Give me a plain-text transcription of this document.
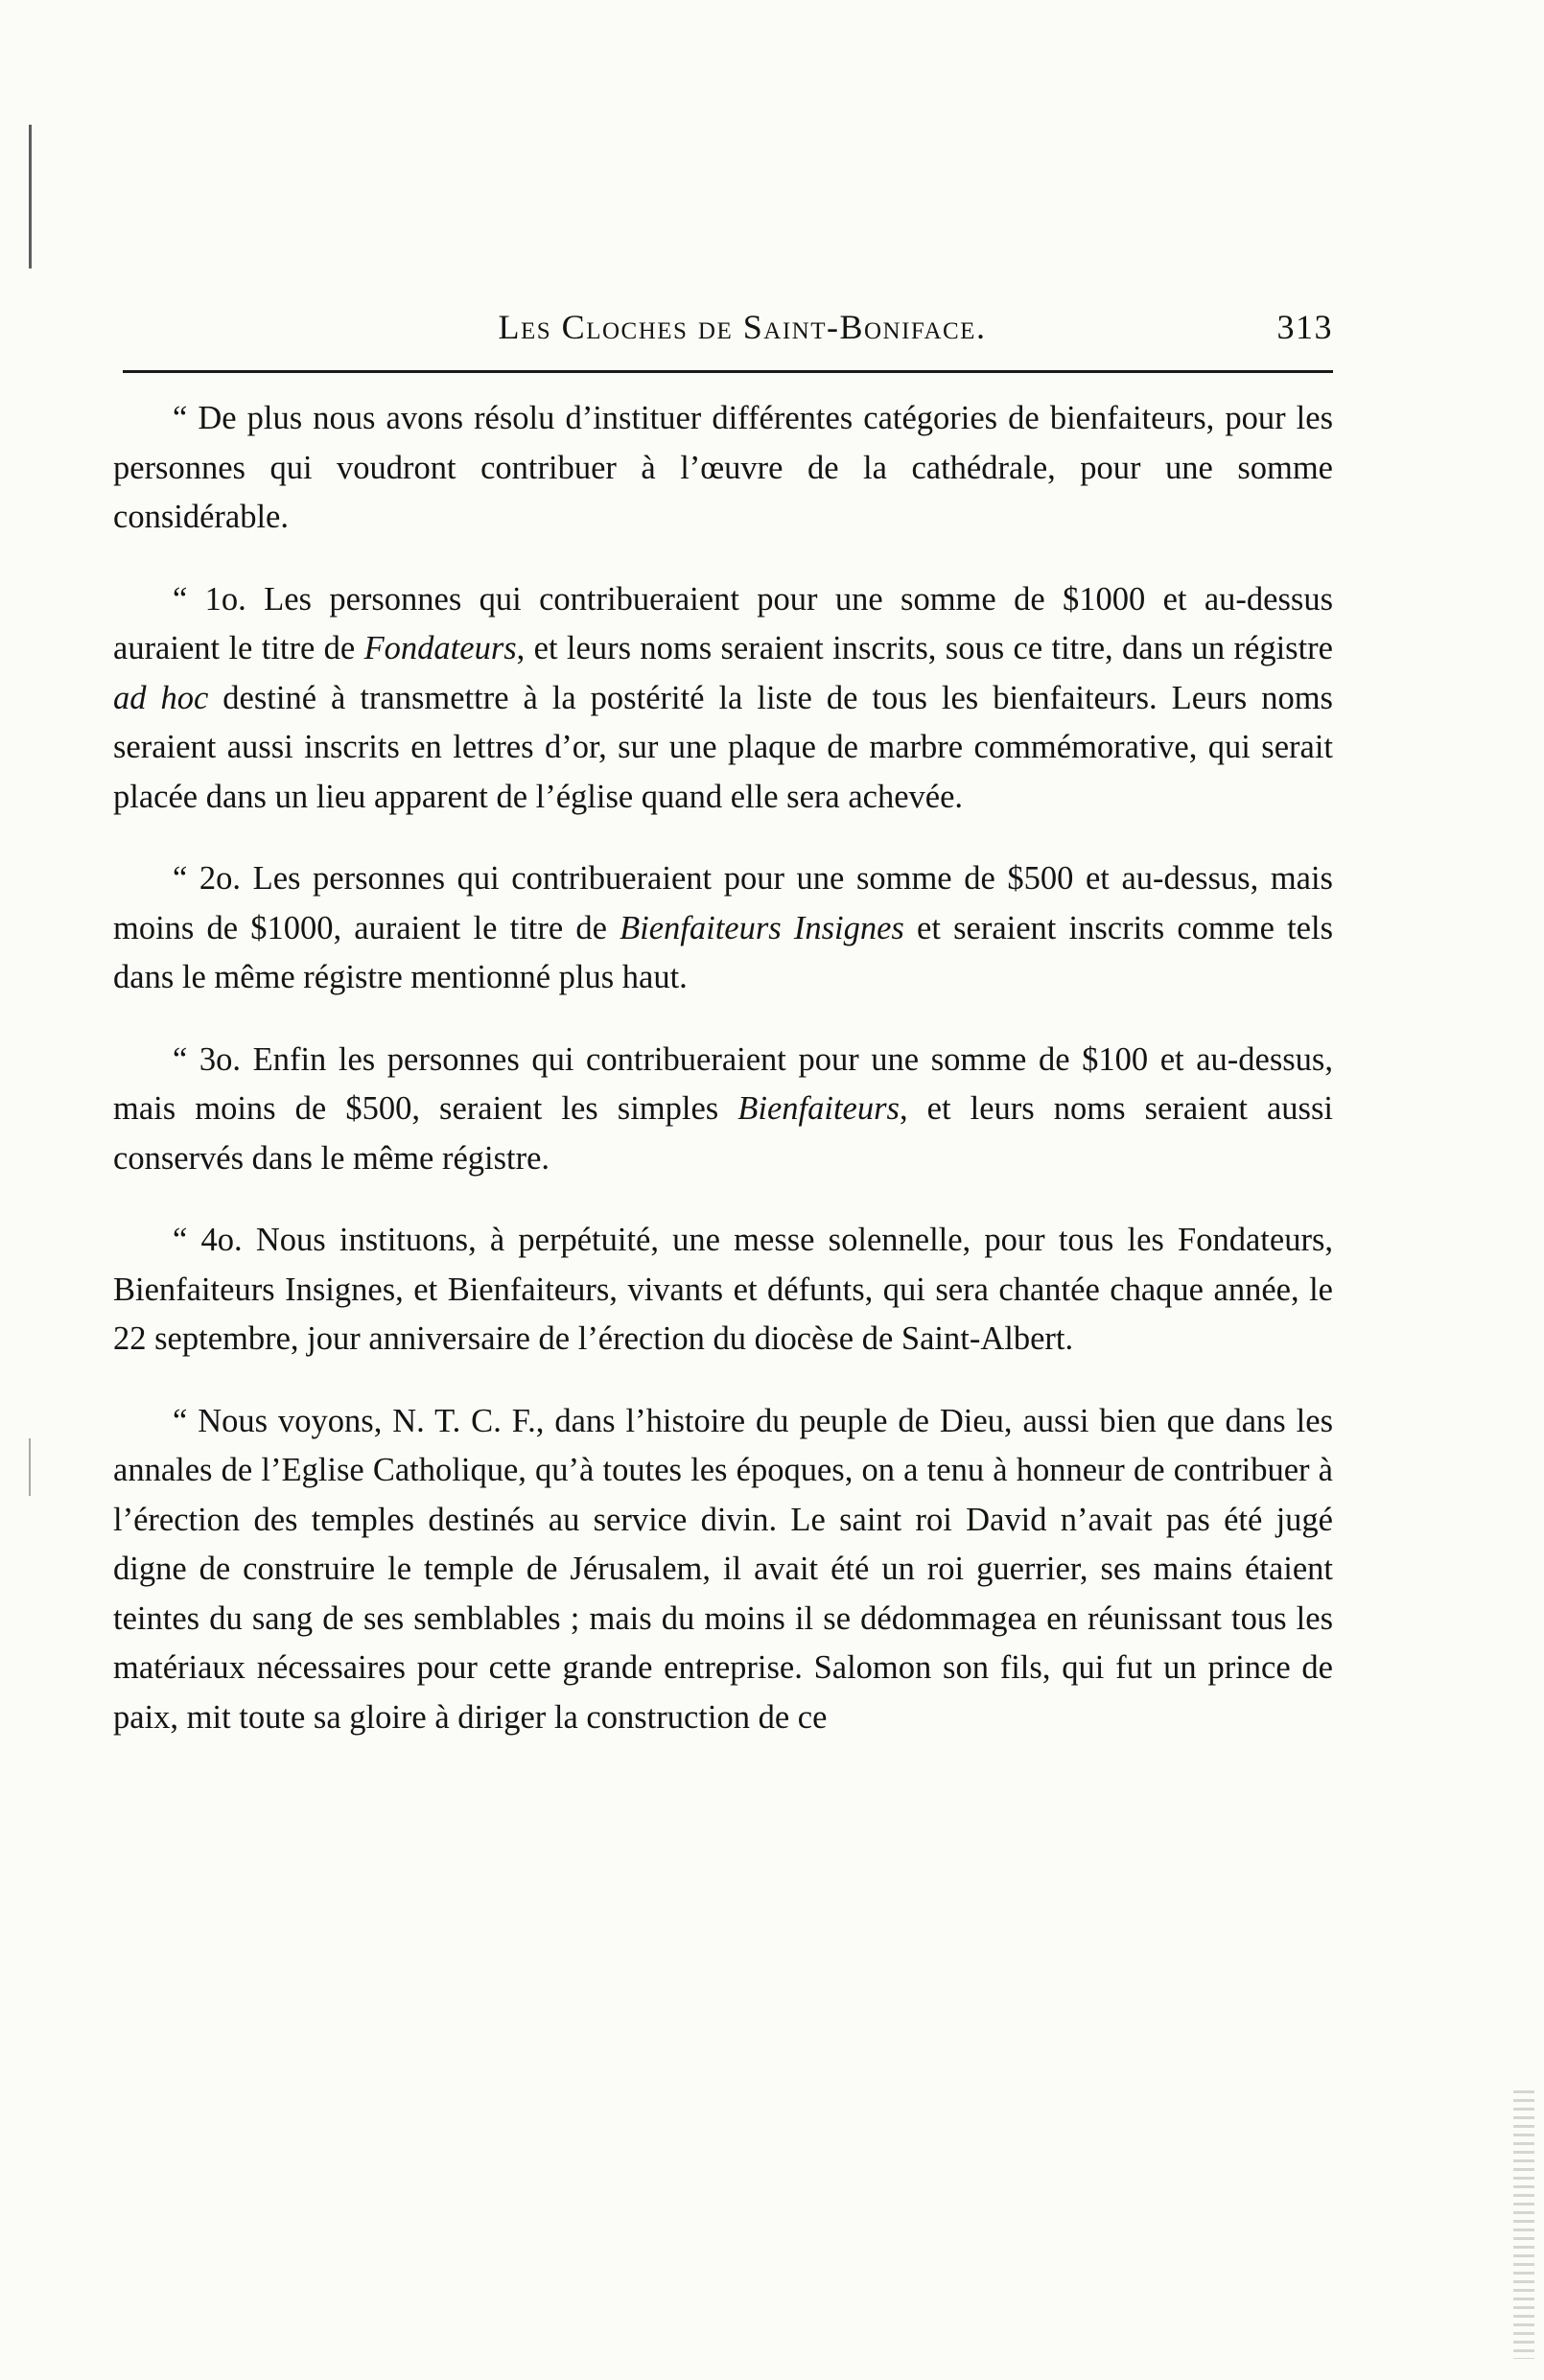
Les Cloches de Saint-Boniface.	313

“ De plus nous avons résolu d’instituer différentes catégories de bienfaiteurs, pour les personnes qui voudront contribuer à l’œuvre de la cathédrale, pour une somme considérable.

“ 1o. Les personnes qui contribueraient pour une somme de $1000 et au-dessus auraient le titre de Fondateurs, et leurs noms seraient inscrits, sous ce titre, dans un régistre ad hoc destiné à transmettre à la postérité la liste de tous les bienfaiteurs. Leurs noms seraient aussi inscrits en lettres d’or, sur une plaque de marbre commémorative, qui serait placée dans un lieu apparent de l’église quand elle sera achevée.

“ 2o. Les personnes qui contribueraient pour une somme de $500 et au-dessus, mais moins de $1000, auraient le titre de Bienfaiteurs Insignes et seraient inscrits comme tels dans le même régistre mentionné plus haut.

“ 3o. Enfin les personnes qui contribueraient pour une somme de $100 et au-dessus, mais moins de $500, seraient les simples Bienfaiteurs, et leurs noms seraient aussi conservés dans le même régistre.

“ 4o. Nous instituons, à perpétuité, une messe solennelle, pour tous les Fondateurs, Bienfaiteurs Insignes, et Bienfaiteurs, vivants et défunts, qui sera chantée chaque année, le 22 septembre, jour anniversaire de l’érection du diocèse de Saint-Albert.

“ Nous voyons, N. T. C. F., dans l’histoire du peuple de Dieu, aussi bien que dans les annales de l’Eglise Catholique, qu’à toutes les époques, on a tenu à honneur de contribuer à l’érection des temples destinés au service divin. Le saint roi David n’avait pas été jugé digne de construire le temple de Jérusalem, il avait été un roi guerrier, ses mains étaient teintes du sang de ses semblables ; mais du moins il se dédommagea en réunissant tous les matériaux nécessaires pour cette grande entreprise. Salomon son fils, qui fut un prince de paix, mit toute sa gloire à diriger la construction de ce
